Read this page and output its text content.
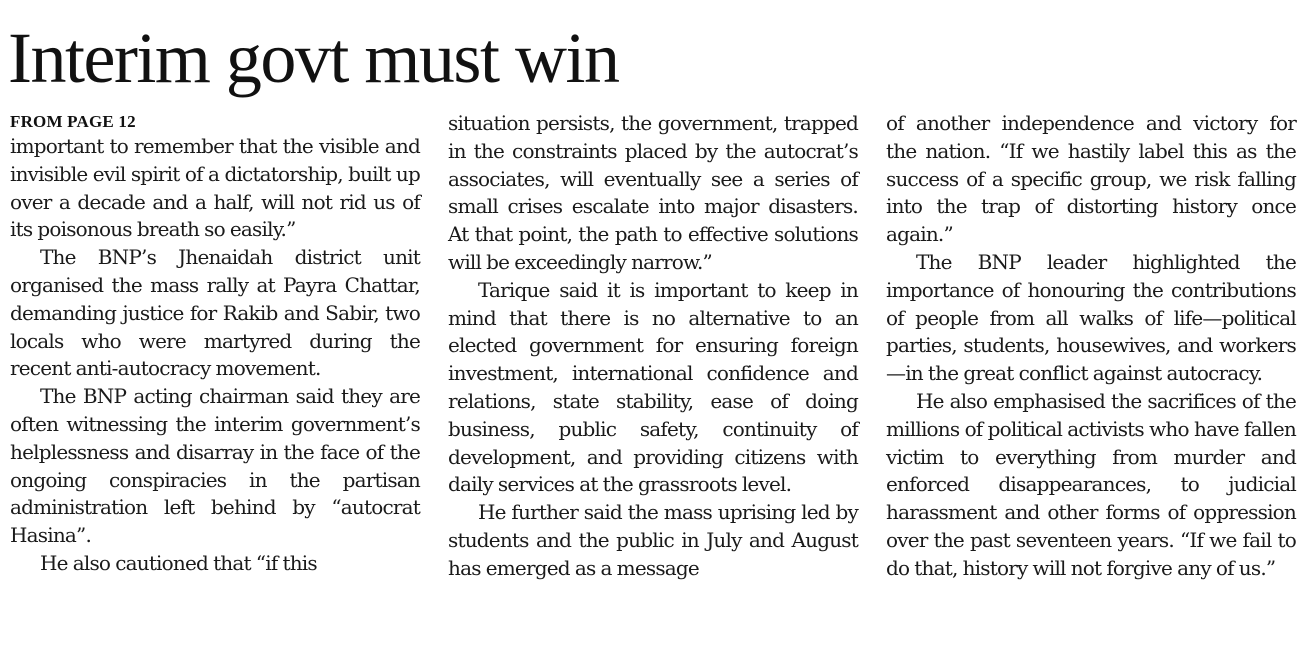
Interim govt must win
FROM PAGE 12

important to remember that the visible and invisible evil spirit of a dictatorship, built up over a decade and a half, will not rid us of its poisonous breath so easily.”

The BNP’s Jhenaidah district unit organised the mass rally at Payra Chattar, demanding justice for Rakib and Sabir, two locals who were martyred during the recent anti-autocracy movement.

The BNP acting chairman said they are often witnessing the interim government’s helplessness and disarray in the face of the ongoing conspiracies in the partisan administration left behind by “autocrat Hasina”.

He also cautioned that “if this

situation persists, the government, trapped in the constraints placed by the autocrat’s associates, will eventually see a series of small crises escalate into major disasters. At that point, the path to effective solutions will be exceedingly narrow.”

Tarique said it is important to keep in mind that there is no alternative to an elected government for ensuring foreign investment, international confidence and relations, state stability, ease of doing business, public safety, continuity of development, and providing citizens with daily services at the grassroots level.

He further said the mass uprising led by students and the public in July and August has emerged as a message

of another independence and victory for the nation. “If we hastily label this as the success of a specific group, we risk falling into the trap of distorting history once again.”

The BNP leader highlighted the importance of honouring the contributions of people from all walks of life—political parties, students, housewives, and workers—in the great conflict against autocracy.

He also emphasised the sacrifices of the millions of political activists who have fallen victim to everything from murder and enforced disappearances, to judicial harassment and other forms of oppression over the past seventeen years. “If we fail to do that, history will not forgive any of us.”
